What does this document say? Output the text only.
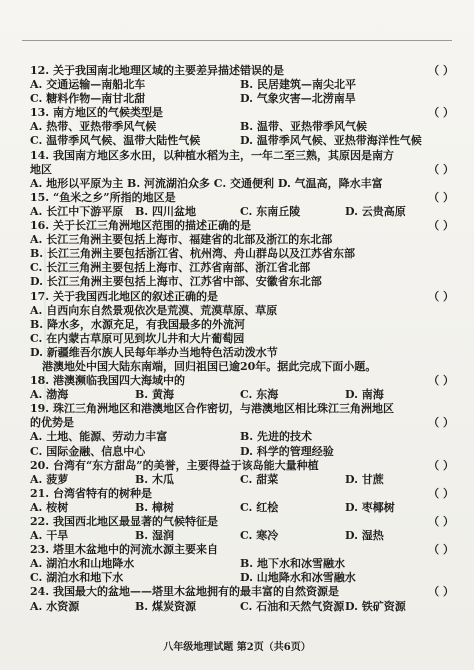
12. 关于我国南北地理区域的主要差异描述错误的是	（ ）
A. 交通运输—南船北车	B. 民居建筑—南尖北平
C. 糖料作物—南甘北甜	D. 气象灾害—北涝南旱
13. 南方地区的气候类型是	（ ）
A. 热带、亚热带季风气候	B. 温带、亚热带季风气候
C. 温带季风气候、温带大陆性气候	D. 温带季风气候、亚热带海洋性气候
14. 我国南方地区多水田，以种植水稻为主，一年二至三熟，其原因是南方
地区	（ ）
A. 地形以平原为主 B. 河流湖泊众多 C. 交通便利 D. 气温高，降水丰富
15. “鱼米之乡”所指的地区是	（ ）
A. 长江中下游平原	B. 四川盆地	C. 东南丘陵	D. 云贵高原
16. 关于长江三角洲地区范围的描述正确的是	（ ）
A. 长江三角洲主要包括上海市、福建省的北部及浙江的东北部
B. 长江三角洲主要包括浙江省、杭州湾、舟山群岛以及江苏省东部
C. 长江三角洲主要包括上海市、江苏省南部、浙江省北部
D. 长江三角洲主要包括上海市、江苏省中部、安徽省东北部
17. 关于我国西北地区的叙述正确的是	（ ）
A. 自西向东自然景观依次是荒漠、荒漠草原、草原
B. 降水多，水源充足，有我国最多的外流河
C. 在内蒙古草原可见到坎儿井和大片葡萄园
D. 新疆维吾尔族人民每年举办当地特色活动泼水节
港澳地处中国大陆东南端，回归祖国已逾20年。据此完成下面小题。
18. 港澳濒临我国四大海域中的	（ ）
A. 渤海	B. 黄海	C. 东海	D. 南海
19. 珠江三角洲地区和港澳地区合作密切，与港澳地区相比珠江三角洲地区
的优势是	（ ）
A. 土地、能源、劳动力丰富	B. 先进的技术
C. 国际金融、信息中心	D. 科学的管理经验
20. 台湾有“东方甜岛”的美誉，主要得益于该岛能大量种植	（ ）
A. 菠萝	B. 木瓜	C. 甜菜	D. 甘蔗
21. 台湾省特有的树种是	（ ）
A. 桉树	B. 樟树	C. 红桧	D. 枣椰树
22. 我国西北地区最显著的气候特征是	（ ）
A. 干旱	B. 湿润	C. 寒冷	D. 湿热
23. 塔里木盆地中的河流水源主要来自	（ ）
A. 湖泊水和山地降水	B. 地下水和冰雪融水
C. 湖泊水和地下水	D. 山地降水和冰雪融水
24. 我国最大的盆地——塔里木盆地拥有的最丰富的自然资源是	（ ）
A. 水资源	B. 煤炭资源	C. 石油和天然气资源 D. 铁矿资源
八年级地理试题 第2页（共6页）
